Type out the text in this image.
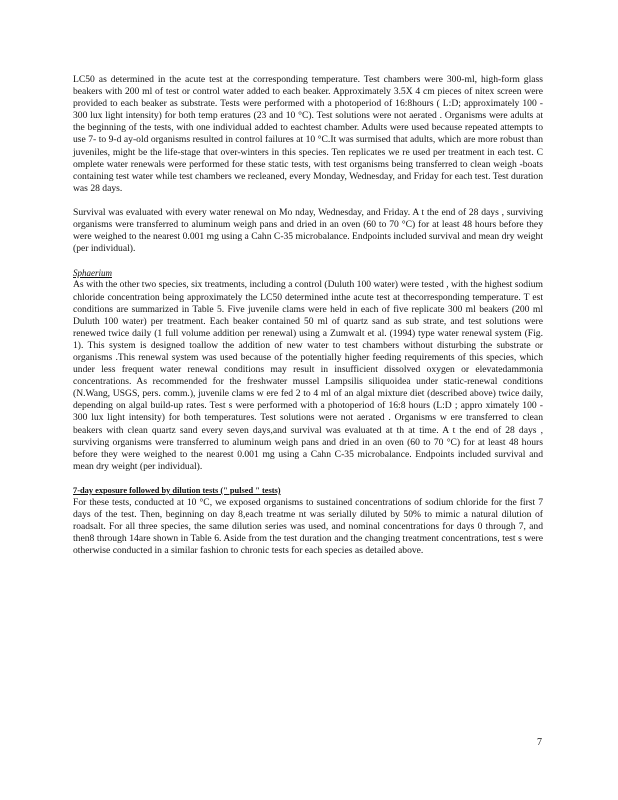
LC50 as determined in the acute test at the corresponding temperature. Test chambers were 300-ml, high-form glass beakers with 200 ml of test or control water added to each beaker. Approximately 3.5X 4 cm pieces of nitex screen were provided to each beaker as substrate. Tests were performed with a photoperiod of 16:8hours ( L:D; approximately 100 - 300 lux light intensity) for both temp eratures (23 and 10 °C). Test solutions were not aerated . Organisms were adults at the beginning of the tests, with one individual added to eachtest chamber. Adults were used because repeated attempts to use 7- to 9-d ay-old organisms resulted in control failures at 10 °C.It was surmised that adults, which are more robust than juveniles, might be the life-stage that over-winters in this species. Ten replicates we re used per treatment in each test. C omplete water renewals were performed for these static tests, with test organisms being transferred to clean weigh -boats containing test water while test chambers we recleaned, every Monday, Wednesday, and Friday for each test. Test duration was 28 days.

Survival was evaluated with every water renewal on Mo nday, Wednesday, and Friday. A t the end of 28 days , surviving organisms were transferred to aluminum weigh pans and dried in an oven (60 to 70 °C) for at least 48 hours before they were weighed to the nearest 0.001 mg using a Cahn C-35 microbalance. Endpoints included survival and mean dry weight (per individual).

Sphaerium

As with the other two species, six treatments, including a control (Duluth 100 water) were tested , with the highest sodium chloride concentration being approximately the LC50 determined inthe acute test at thecorresponding temperature. T est conditions are summarized in Table 5. Five juvenile clams were held in each of five replicate 300 ml beakers (200 ml Duluth 100 water) per treatment. Each beaker contained 50 ml of quartz sand as sub strate, and test solutions were renewed twice daily (1 full volume addition per renewal) using a Zumwalt et al. (1994) type water renewal system (Fig. 1). This system is designed toallow the addition of new water to test chambers without disturbing the substrate or organisms .This renewal system was used because of the potentially higher feeding requirements of this species, which under less frequent water renewal conditions may result in insufficient dissolved oxygen or elevatedammonia concentrations. As recommended for the freshwater mussel Lampsilis siliquoidea under static-renewal conditions (N.Wang, USGS, pers. comm.), juvenile clams w ere fed 2 to 4 ml of an algal mixture diet (described above) twice daily, depending on algal build-up rates. Test s were performed with a photoperiod of 16:8 hours (L:D ; appro ximately 100 - 300 lux light intensity) for both temperatures. Test solutions were not aerated . Organisms w ere transferred to clean beakers with clean quartz sand every seven days,and survival was evaluated at th at time. A t the end of 28 days , surviving organisms were transferred to aluminum weigh pans and dried in an oven (60 to 70 °C) for at least 48 hours before they were weighed to the nearest 0.001 mg using a Cahn C-35 microbalance. Endpoints included survival and mean dry weight (per individual).

7-day exposure followed by dilution tests (" pulsed " tests)

For these tests, conducted at 10 °C, we exposed organisms to sustained concentrations of sodium chloride for the first 7 days of the test. Then, beginning on day 8,each treatme nt was serially diluted by 50% to mimic a natural dilution of roadsalt. For all three species, the same dilution series was used, and nominal concentrations for days 0 through 7, and then8 through 14are shown in Table 6. Aside from the test duration and the changing treatment concentrations, test s were otherwise conducted in a similar fashion to chronic tests for each species as detailed above.

7
